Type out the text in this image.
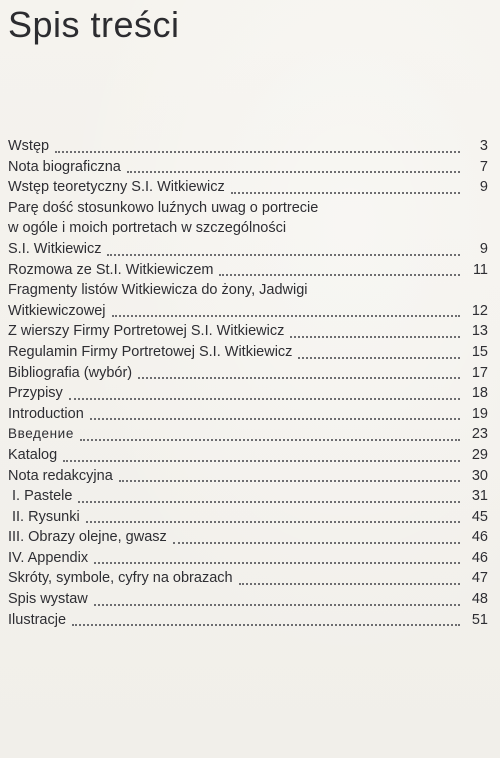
Spis treści
Wstęp	3
Nota biograficzna	7
Wstęp teoretyczny S.I. Witkiewicz	9
Parę dość stosunkowo luźnych uwag o portrecie
w ogóle i moich portretach w szczególności
S.I. Witkiewicz	9
Rozmowa ze St.I. Witkiewiczem	11
Fragmenty listów Witkiewicza do żony, Jadwigi
Witkiewiczowej	12
Z wierszy Firmy Portretowej S.I. Witkiewicz	13
Regulamin Firmy Portretowej S.I. Witkiewicz	15
Bibliografia (wybór)	17
Przypisy	18
Introduction	19
Введение	23
Katalog	29
Nota redakcyjna	30
I. Pastele	31
II. Rysunki	45
III. Obrazy olejne, gwasz	46
IV. Appendix	46
Skróty, symbole, cyfry na obrazach	47
Spis wystaw	48
Ilustracje	51
